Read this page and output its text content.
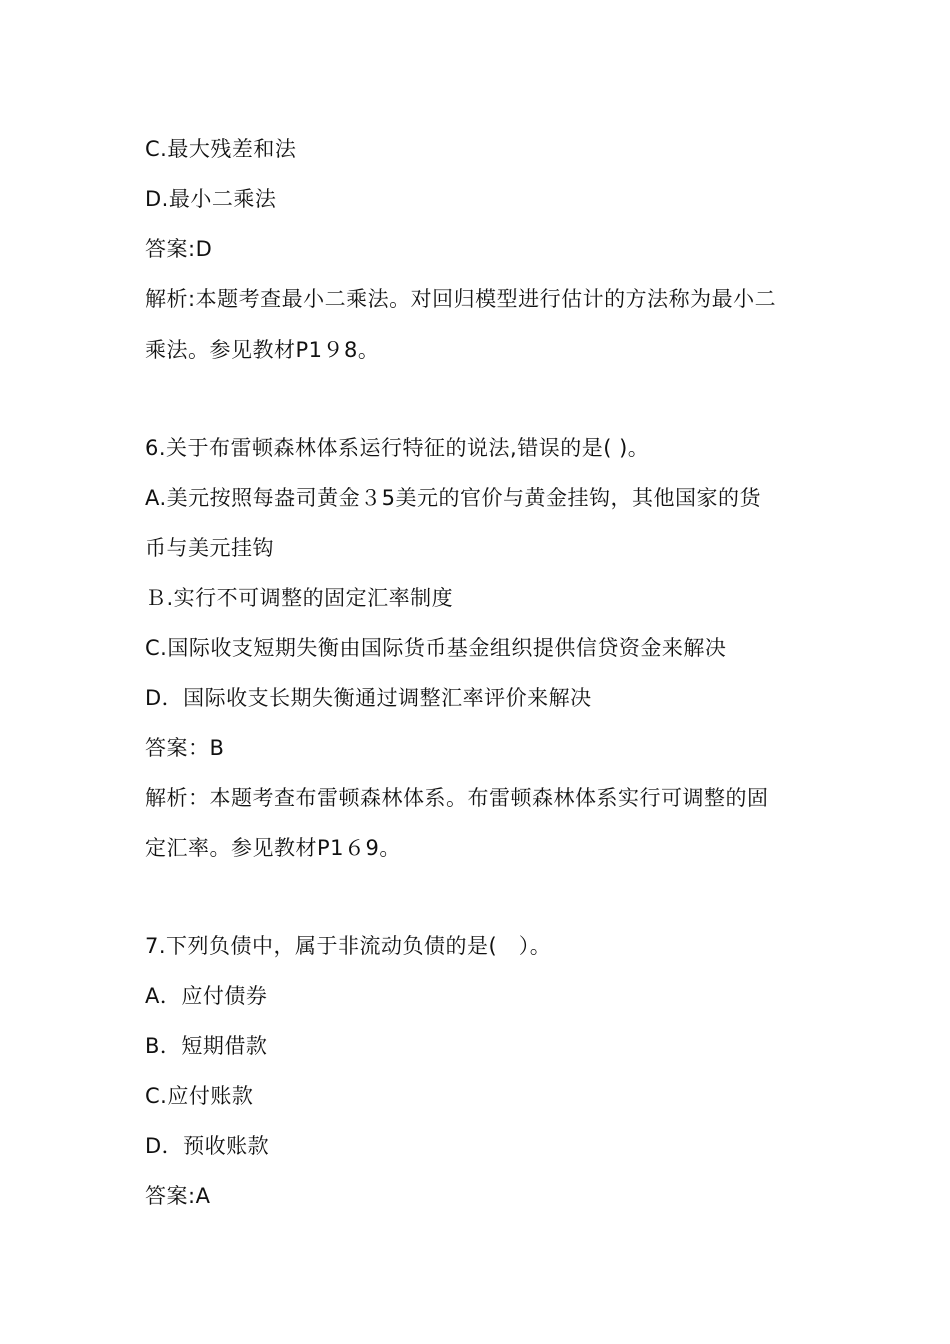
C.最大残差和法
D.最小二乘法
答案:D
解析:本题考查最小二乘法。对回归模型进行估计的方法称为最小二
乘法。参见教材P1９8。
6.关于布雷顿森林体系运行特征的说法,错误的是( )。
A.美元按照每盎司黄金３5美元的官价与黄金挂钩，其他国家的货
币与美元挂钩
Ｂ.实行不可调整的固定汇率制度
C.国际收支短期失衡由国际货币基金组织提供信贷资金来解决
D．国际收支长期失衡通过调整汇率评价来解决
答案：B
解析：本题考查布雷顿森林体系。布雷顿森林体系实行可调整的固
定汇率。参见教材P1６9。
7.下列负债中，属于非流动负债的是(　）。
A．应付债券
B．短期借款
C.应付账款
D．预收账款
答案:A
